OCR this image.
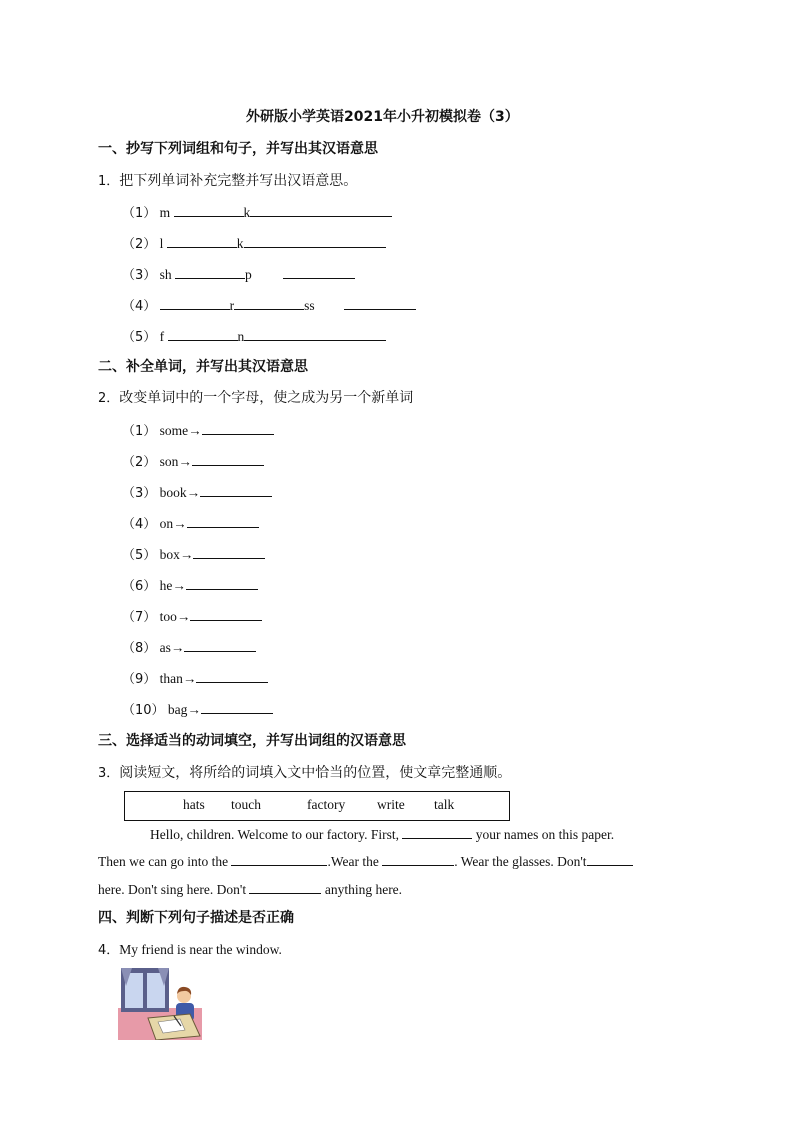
外研版小学英语2021年小升初模拟卷（3）
一、抄写下列词组和句子，并写出其汉语意思
1．把下列单词补充完整并写出汉语意思。
（1） m	k
（2） l	k
（3） sh	p
（4）	r	ss
（5） f	n
二、补全单词，并写出其汉语意思
2．改变单词中的一个字母，使之成为另一个新单词
（1） some→
（2） son→
（3） book→
（4） on→
（5） box→
（6） he→
（7） too→
（8） as→
（9） than→
（10） bag→
三、选择适当的动词填空，并写出词组的汉语意思
3．阅读短文，将所给的词填入文中恰当的位置，使文章完整通顺。
hats touch	factory write talk
Hello, children. Welcome to our factory. First,	your names on this paper.
Then we can go into the	.Wear the	. Wear the glasses. Don't
here. Don't sing here. Don't	anything here.
四、判断下列句子描述是否正确
4．My friend is near the window.
